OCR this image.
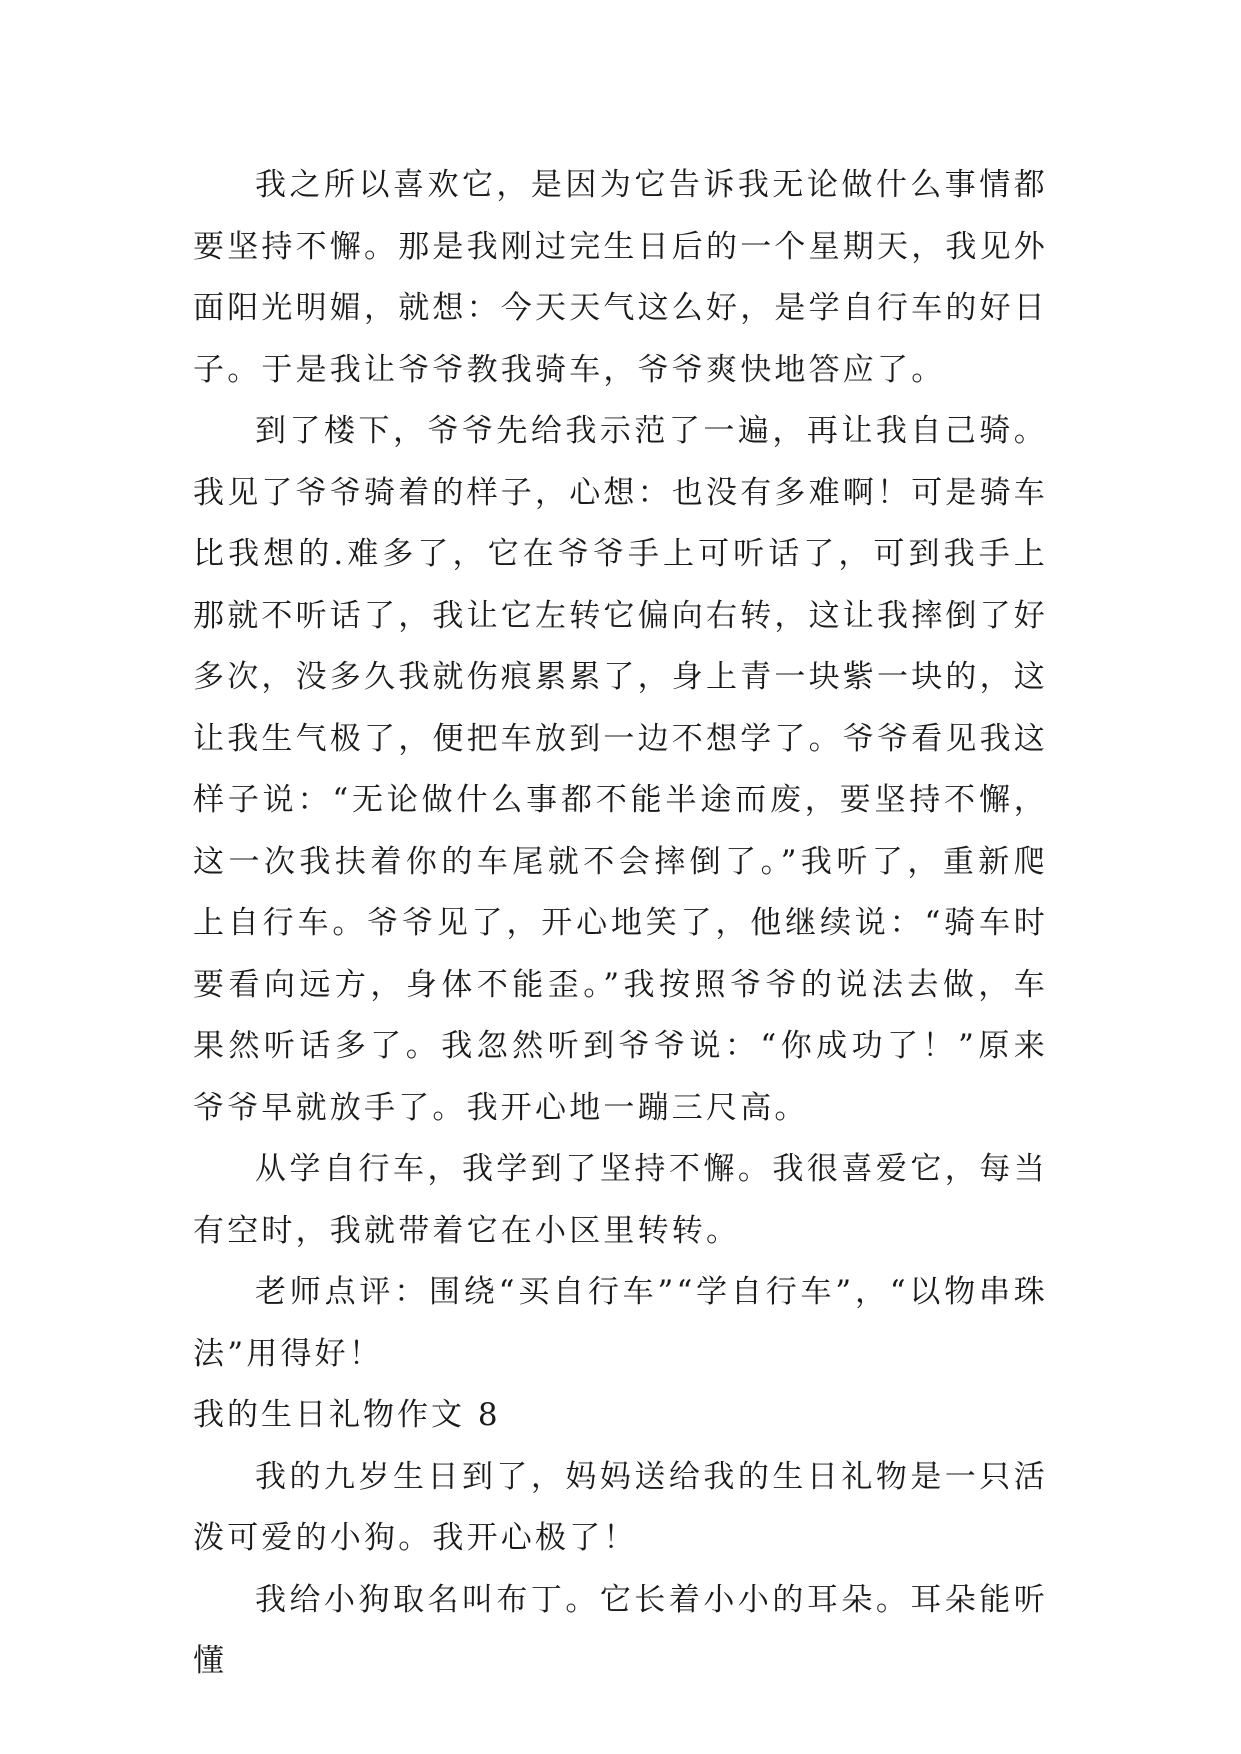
我之所以喜欢它，是因为它告诉我无论做什么事情都要坚持不懈。那是我刚过完生日后的一个星期天，我见外面阳光明媚，就想：今天天气这么好，是学自行车的好日子。于是我让爷爷教我骑车，爷爷爽快地答应了。

到了楼下，爷爷先给我示范了一遍，再让我自己骑。我见了爷爷骑着的样子，心想：也没有多难啊！可是骑车比我想的.难多了，它在爷爷手上可听话了，可到我手上那就不听话了，我让它左转它偏向右转，这让我摔倒了好多次，没多久我就伤痕累累了，身上青一块紫一块的，这让我生气极了，便把车放到一边不想学了。爷爷看见我这样子说：“无论做什么事都不能半途而废，要坚持不懈，这一次我扶着你的车尾就不会摔倒了。”我听了，重新爬上自行车。爷爷见了，开心地笑了，他继续说：“骑车时要看向远方，身体不能歪。”我按照爷爷的说法去做，车果然听话多了。我忽然听到爷爷说：“你成功了！”原来爷爷早就放手了。我开心地一蹦三尺高。

从学自行车，我学到了坚持不懈。我很喜爱它，每当有空时，我就带着它在小区里转转。

老师点评：围绕“买自行车”“学自行车”，“以物串珠法”用得好！

我的生日礼物作文 8

我的九岁生日到了，妈妈送给我的生日礼物是一只活泼可爱的小狗。我开心极了！

我给小狗取名叫布丁。它长着小小的耳朵。耳朵能听懂
